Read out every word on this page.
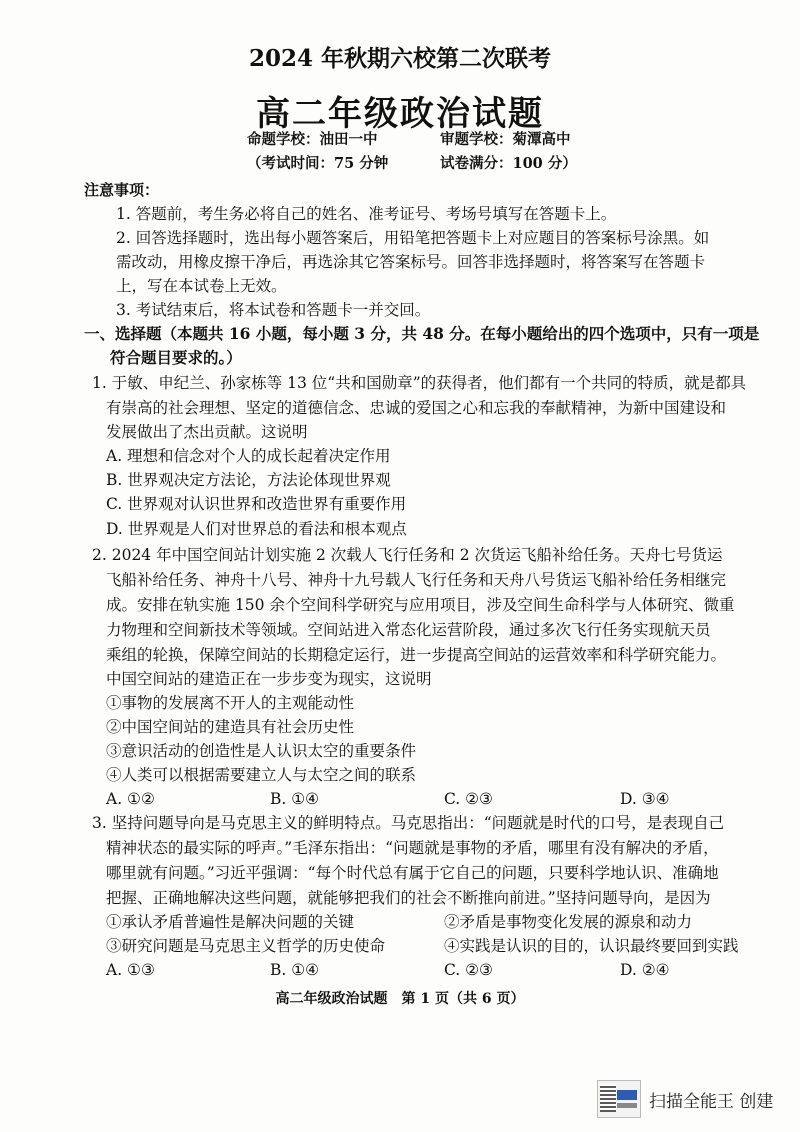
2024 年秋期六校第二次联考
高二年级政治试题
命题学校：油田一中	审题学校：菊潭高中
（考试时间：75 分钟	试卷满分：100 分）
注意事项：
1. 答题前，考生务必将自己的姓名、准考证号、考场号填写在答题卡上。
2. 回答选择题时，选出每小题答案后，用铅笔把答题卡上对应题目的答案标号涂黑。如
需改动，用橡皮擦干净后，再选涂其它答案标号。回答非选择题时，将答案写在答题卡
上，写在本试卷上无效。
3. 考试结束后，将本试卷和答题卡一并交回。
一、选择题（本题共 16 小题，每小题 3 分，共 48 分。在每小题给出的四个选项中，只有一项是
符合题目要求的。）
1. 于敏、申纪兰、孙家栋等 13 位“共和国勋章”的获得者，他们都有一个共同的特质，就是都具
有崇高的社会理想、坚定的道德信念、忠诚的爱国之心和忘我的奉献精神，为新中国建设和
发展做出了杰出贡献。这说明
A. 理想和信念对个人的成长起着决定作用
B. 世界观决定方法论，方法论体现世界观
C. 世界观对认识世界和改造世界有重要作用
D. 世界观是人们对世界总的看法和根本观点
2. 2024 年中国空间站计划实施 2 次载人飞行任务和 2 次货运飞船补给任务。天舟七号货运
飞船补给任务、神舟十八号、神舟十九号载人飞行任务和天舟八号货运飞船补给任务相继完
成。安排在轨实施 150 余个空间科学研究与应用项目，涉及空间生命科学与人体研究、微重
力物理和空间新技术等领域。空间站进入常态化运营阶段，通过多次飞行任务实现航天员
乘组的轮换，保障空间站的长期稳定运行，进一步提高空间站的运营效率和科学研究能力。
中国空间站的建造正在一步步变为现实，这说明
①事物的发展离不开人的主观能动性
②中国空间站的建造具有社会历史性
③意识活动的创造性是人认识太空的重要条件
④人类可以根据需要建立人与太空之间的联系
A. ①②	B. ①④	C. ②③	D. ③④
3. 坚持问题导向是马克思主义的鲜明特点。马克思指出：“问题就是时代的口号，是表现自己
精神状态的最实际的呼声。”毛泽东指出：“问题就是事物的矛盾，哪里有没有解决的矛盾，
哪里就有问题。”习近平强调：“每个时代总有属于它自己的问题，只要科学地认识、准确地
把握、正确地解决这些问题，就能够把我们的社会不断推向前进。”坚持问题导向，是因为
①承认矛盾普遍性是解决问题的关键	②矛盾是事物变化发展的源泉和动力
③研究问题是马克思主义哲学的历史使命	④实践是认识的目的，认识最终要回到实践
A. ①③	B. ①④	C. ②③	D. ②④
高二年级政治试题　第 1 页（共 6 页）
扫描全能王 创建
